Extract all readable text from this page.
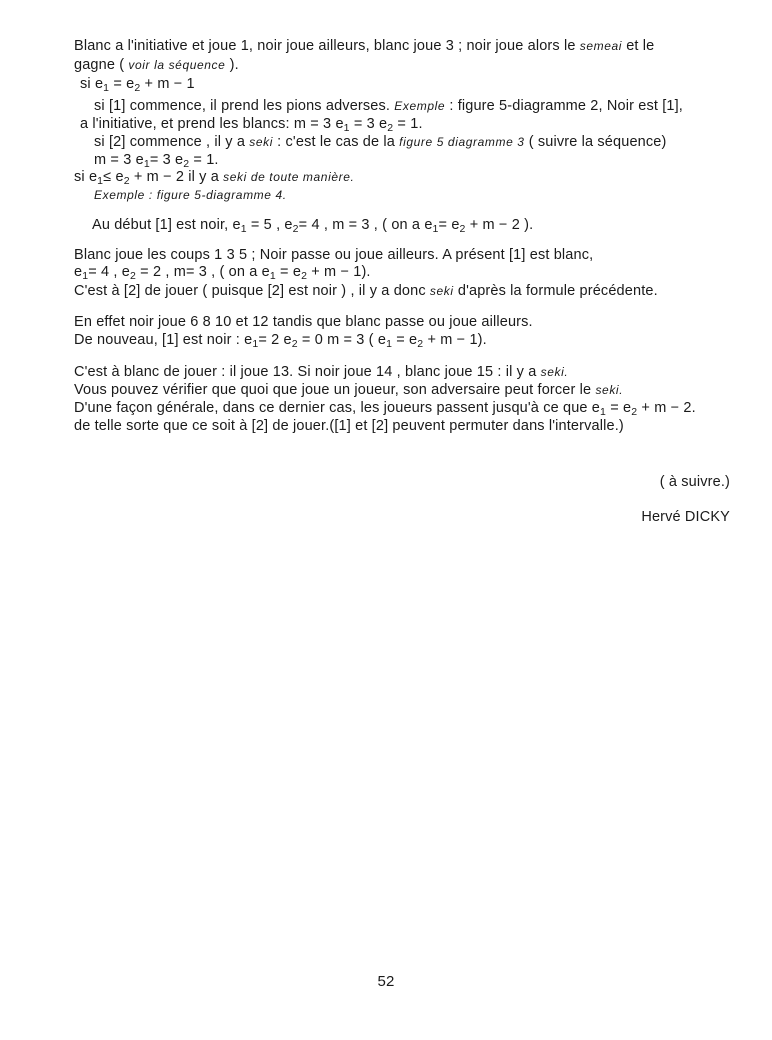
Blanc a l'initiative et joue 1, noir joue ailleurs, blanc joue 3 ; noir joue alors le semeai et le
gagne ( voir la séquence ).
si $e_1 = e_2 + m - 1$
si [1] commence, il prend les pions adverses. Exemple : figure 5-diagramme 2, Noir est [1],
a l'initiative, et prend les blancs: m = 3 $e_1 = 3$ $e_2 = 1$.
si [2] commence , il y a seki : c'est le cas de la figure 5 diagramme 3 ( suivre la séquence)
m = 3 $e_1= 3$ $e_2 = 1$.
si $e_1\le e_2 + m - 2$ il y a seki de toute manière.
Exemple : figure 5-diagramme 4.
Au début [1] est noir, $e_1 = 5$ , $e_2= 4$ , m = 3 , ( on a $e_1= e_2 + m - 2$ ).
Blanc joue les coups 1 3 5 ; Noir passe ou joue ailleurs. A présent [1] est blanc,
$e_1= 4$ , $e_2 = 2$ , m= 3 , ( on a $e_1 = e_2 + m - 1$).
C'est à [2] de jouer ( puisque [2] est noir ) , il y a donc seki d'après la formule précédente.
En effet noir joue 6 8 10 et 12 tandis que blanc passe ou joue ailleurs.
De nouveau, [1] est noir : $e_1= 2$ $e_2 = 0$ m = 3 ( $e_1 = e_2 + m - 1$).
C'est à blanc de jouer : il joue 13. Si noir joue 14 , blanc joue 15 : il y a seki.
Vous pouvez vérifier que quoi que joue un joueur, son adversaire peut forcer le seki.
D'une façon générale, dans ce dernier cas, les joueurs passent jusqu'à ce que $e_1 = e_2 + m - 2$.
de telle sorte que ce soit à [2] de jouer.([1] et [2] peuvent permuter dans l'intervalle.)
( à suivre.)
Hervé DICKY
52
